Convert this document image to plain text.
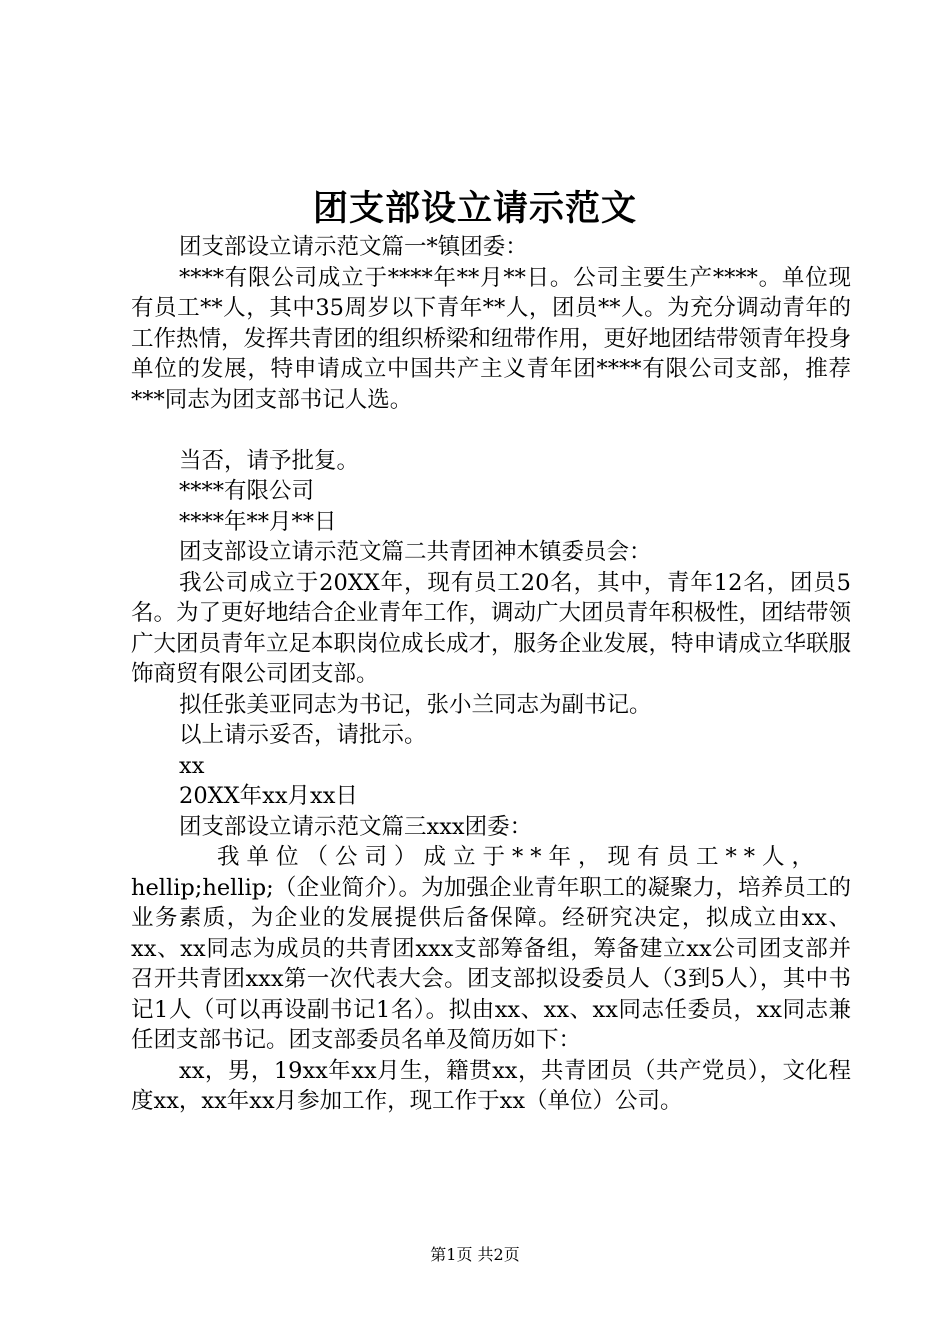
团支部设立请示范文

团支部设立请示范文篇一*镇团委：

****有限公司成立于****年**月**日。公司主要生产****。单位现有员工**人，其中35周岁以下青年**人，团员**人。为充分调动青年的工作热情，发挥共青团的组织桥梁和纽带作用，更好地团结带领青年投身单位的发展，特申请成立中国共产主义青年团****有限公司支部，推荐***同志为团支部书记人选。

当否，请予批复。

****有限公司

****年**月**日

团支部设立请示范文篇二共青团神木镇委员会：

我公司成立于20XX年，现有员工20名，其中，青年12名，团员5名。为了更好地结合企业青年工作，调动广大团员青年积极性，团结带领广大团员青年立足本职岗位成长成才，服务企业发展，特申请成立华联服饰商贸有限公司团支部。

拟任张美亚同志为书记，张小兰同志为副书记。

以上请示妥否，请批示。

xx

20XX年xx月xx日

团支部设立请示范文篇三xxx团委：

我单位（公司）成立于**年，现有员工**人，

hellip;hellip;（企业简介）。为加强企业青年职工的凝聚力，培养员工的业务素质，为企业的发展提供后备保障。经研究决定，拟成立由xx、xx、xx同志为成员的共青团xxx支部筹备组，筹备建立xx公司团支部并召开共青团xxx第一次代表大会。团支部拟设委员人（3到5人），其中书记1人（可以再设副书记1名）。拟由xx、xx、xx同志任委员，xx同志兼任团支部书记。团支部委员名单及简历如下：

xx，男，19xx年xx月生，籍贯xx，共青团员（共产党员），文化程度xx，xx年xx月参加工作，现工作于xx（单位）公司。

第1页 共2页
